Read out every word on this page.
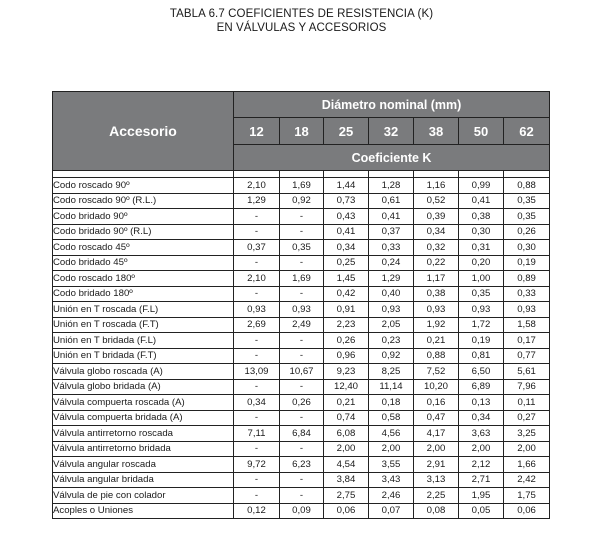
TABLA 6.7 COEFICIENTES DE RESISTENCIA (K)
EN VÁLVULAS Y ACCESORIOS
Accesorio	Diámetro nominal (mm)						
	12	18	25	32	38	50	62
	Coeficiente K						

Codo roscado 90º	2,10	1,69	1,44	1,28	1,16	0,99	0,88
Codo roscado 90º (R.L.)	1,29	0,92	0,73	0,61	0,52	0,41	0,35
Codo bridado 90º	-	-	0,43	0,41	0,39	0,38	0,35
Codo bridado 90º (R.L)	-	-	0,41	0,37	0,34	0,30	0,26
Codo roscado 45º	0,37	0,35	0,34	0,33	0,32	0,31	0,30
Codo bridado 45º	-	-	0,25	0,24	0,22	0,20	0,19
Codo roscado 180º	2,10	1,69	1,45	1,29	1,17	1,00	0,89
Codo bridado 180º	-	-	0,42	0,40	0,38	0,35	0,33
Unión en T roscada (F.L)	0,93	0,93	0,91	0,93	0,93	0,93	0,93
Unión en T roscada (F.T)	2,69	2,49	2,23	2,05	1,92	1,72	1,58
Unión en T bridada (F.L)	-	-	0,26	0,23	0,21	0,19	0,17
Unión en T bridada (F.T)	-	-	0,96	0,92	0,88	0,81	0,77
Válvula globo roscada (A)	13,09	10,67	9,23	8,25	7,52	6,50	5,61
Válvula globo bridada (A)	-	-	12,40	11,14	10,20	6,89	7,96
Válvula compuerta roscada (A)	0,34	0,26	0,21	0,18	0,16	0,13	0,11
Válvula compuerta bridada (A)	-	-	0,74	0,58	0,47	0,34	0,27
Válvula antirretorno roscada	7,11	6,84	6,08	4,56	4,17	3,63	3,25
Válvula antirretorno bridada	-	-	2,00	2,00	2,00	2,00	2,00
Válvula angular roscada	9,72	6,23	4,54	3,55	2,91	2,12	1,66
Válvula angular bridada	-	-	3,84	3,43	3,13	2,71	2,42
Válvula de pie con colador	-	-	2,75	2,46	2,25	1,95	1,75
Acoples o Uniones	0,12	0,09	0,06	0,07	0,08	0,05	0,06
